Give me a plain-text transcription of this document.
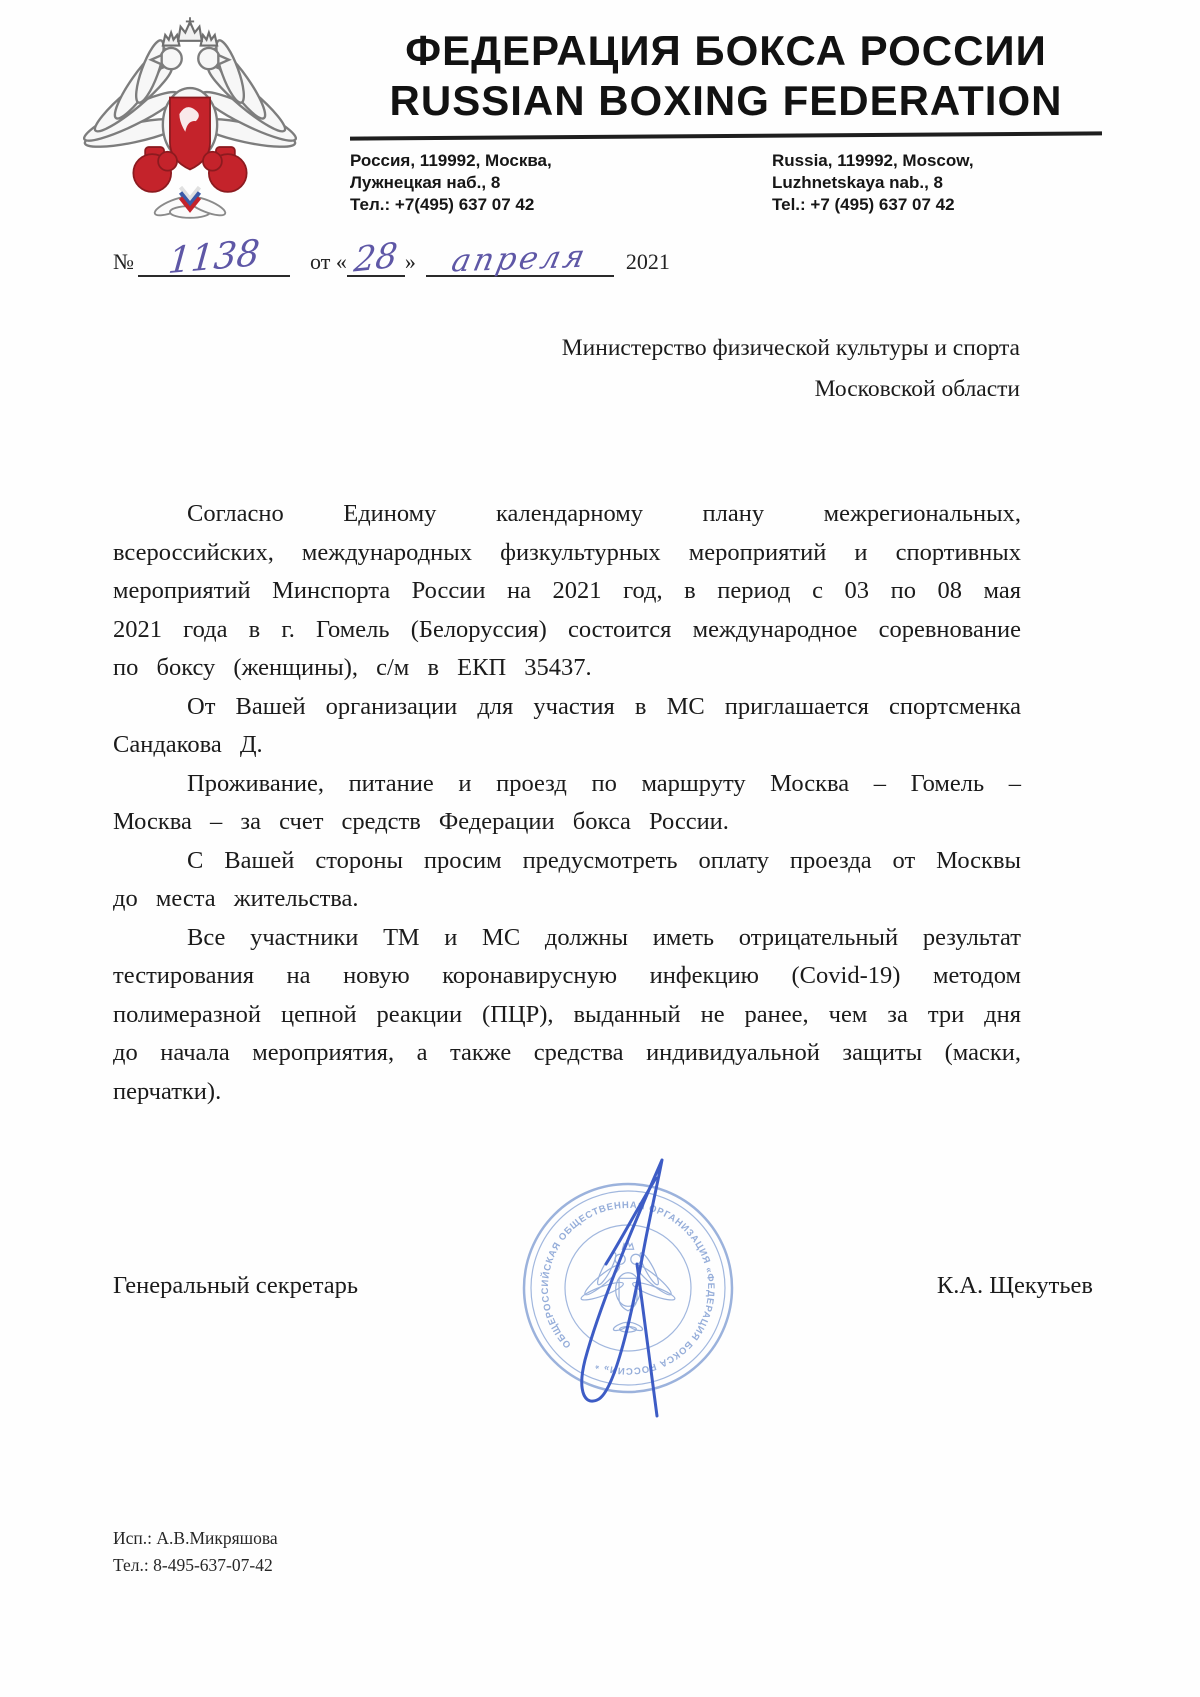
ФЕДЕРАЦИЯ БОКСА РОССИИ
RUSSIAN BOXING FEDERATION
Россия, 119992, Москва,
Лужнецкая наб., 8
Тел.: +7(495) 637 07 42
Russia, 119992, Moscow,
Luzhnetskaya nab., 8
Tel.: +7 (495) 637 07 42
№ 1138	от « 28 »	апреля	2021
Министерство физической культуры и спорта
Московской области

Согласно Единому календарному плану межрегиональных, всероссийских, международных физкультурных мероприятий и спортивных мероприятий Минспорта России на 2021 год, в период с 03 по 08 мая 2021 года в г. Гомель (Белоруссия) состоится международное соревнование по боксу (женщины), с/м в ЕКП 35437.

От Вашей организации для участия в МС приглашается спортсменка Сандакова Д.

Проживание, питание и проезд по маршруту Москва – Гомель – Москва – за счет средств Федерации бокса России.

С Вашей стороны просим предусмотреть оплату проезда от Москвы до места жительства.

Все участники ТМ и МС должны иметь отрицательный результат тестирования на новую коронавирусную инфекцию (Covid-19) методом полимеразной цепной реакции (ПЦР), выданный не ранее, чем за три дня до начала мероприятия, а также средства индивидуальной защиты (маски, перчатки).

Генеральный секретарь	К.А. Щекутьев
ОБЩЕРОССИЙСКАЯ ОБЩЕСТВЕННАЯ ОРГАНИЗАЦИЯ «ФЕДЕРАЦИЯ БОКСА РОССИИ» *
Исп.: А.В.Микряшова
Тел.: 8-495-637-07-42
